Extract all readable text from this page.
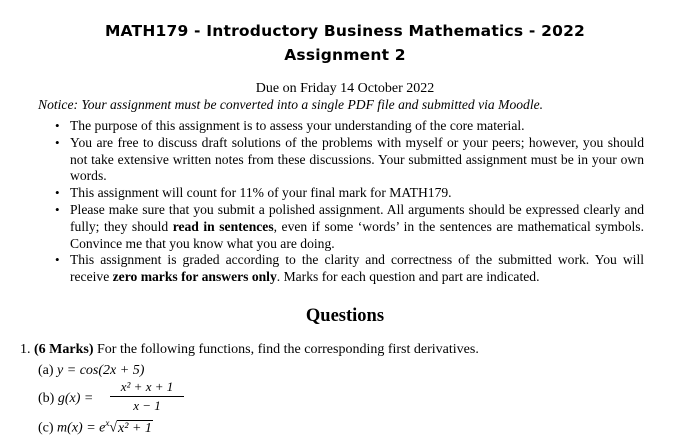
MATH179 - Introductory Business Mathematics - 2022
Assignment 2
Due on Friday 14 October 2022
Notice: Your assignment must be converted into a single PDF file and submitted via Moodle.
• The purpose of this assignment is to assess your understanding of the core material.
• You are free to discuss draft solutions of the problems with myself or your peers; however, you should not take extensive written notes from these discussions. Your submitted assignment must be in your own words.
• This assignment will count for 11% of your final mark for MATH179.
• Please make sure that you submit a polished assignment. All arguments should be expressed clearly and fully; they should read in sentences, even if some ‘words’ in the sentences are mathematical symbols. Convince me that you know what you are doing.
• This assignment is graded according to the clarity and correctness of the submitted work. You will receive zero marks for answers only. Marks for each question and part are indicated.
Questions
1. (6 Marks) For the following functions, find the corresponding first derivatives.
(a) y = cos(2x + 5)
(b) $g(x) = \frac{\text{x² + x + 1}}{x - 1}$
(c) $m(x) = e^x√x^2 + 1$
